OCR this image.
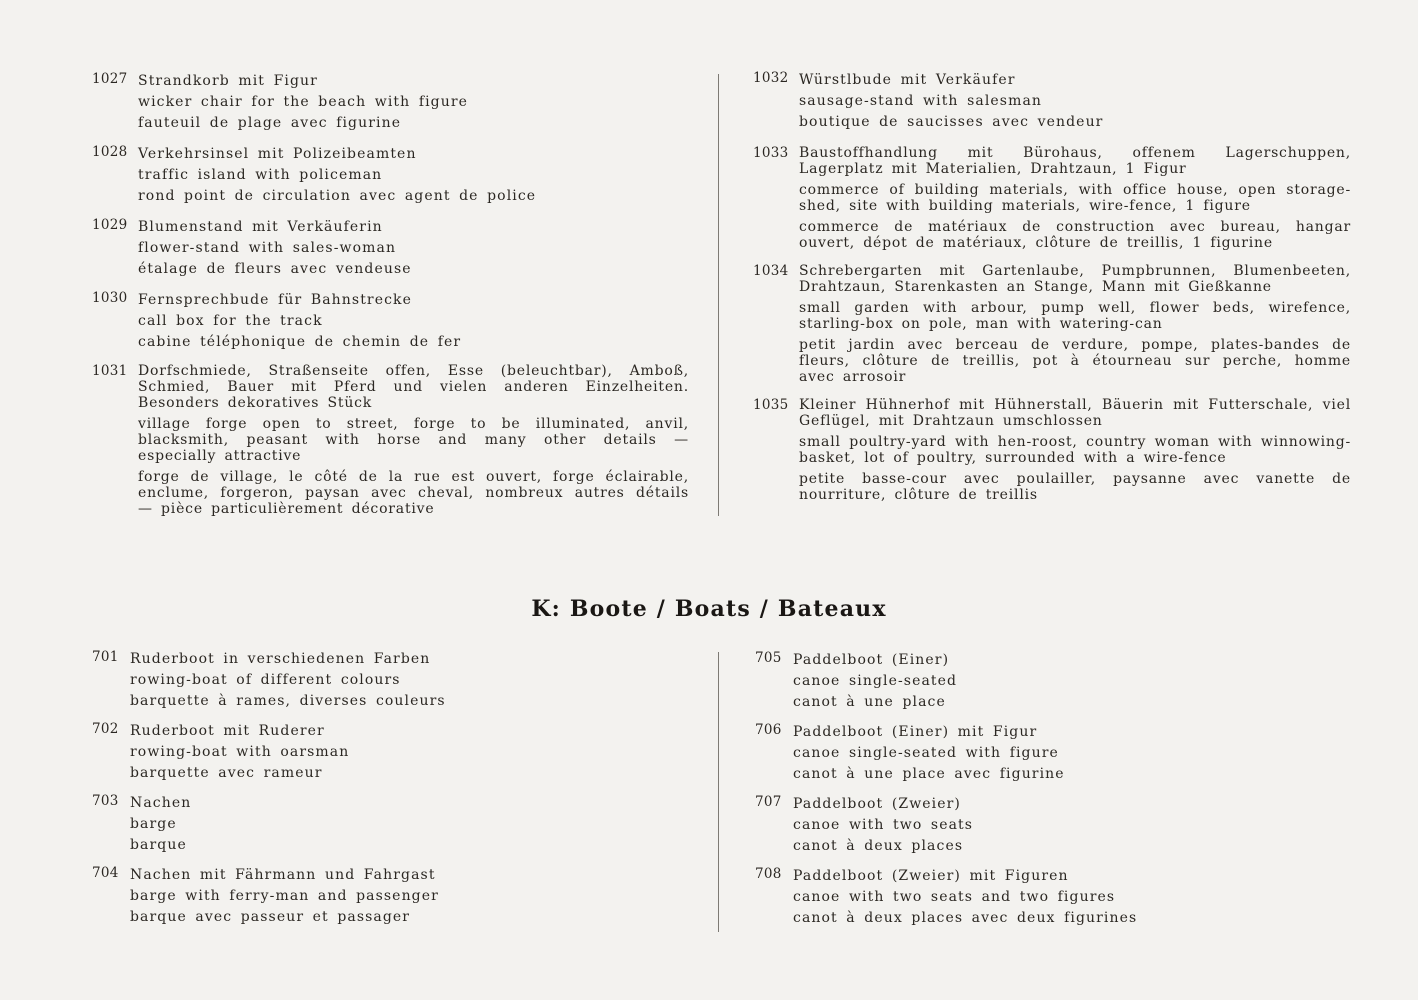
1027 Strandkorb mit Figur
wicker chair for the beach with figure
fauteuil de plage avec figurine
1028 Verkehrsinsel mit Polizeibeamten
traffic island with policeman
rond point de circulation avec agent de police
1029 Blumenstand mit Verkäuferin
flower-stand with sales-woman
étalage de fleurs avec vendeuse
1030 Fernsprechbude für Bahnstrecke
call box for the track
cabine téléphonique de chemin de fer
1031 Dorfschmiede, Straßenseite offen, Esse (beleuchtbar), Amboß, Schmied, Bauer mit Pferd und vielen anderen Einzelheiten. Besonders dekoratives Stück
village forge open to street, forge to be illuminated, anvil, blacksmith, peasant with horse and many other details — especially attractive
forge de village, le côté de la rue est ouvert, forge éclairable, enclume, forgeron, paysan avec cheval, nombreux autres détails — pièce particulièrement décorative
1032 Würstlbude mit Verkäufer
sausage-stand with salesman
boutique de saucisses avec vendeur
1033 Baustoffhandlung mit Bürohaus, offenem Lagerschuppen, Lagerplatz mit Materialien, Drahtzaun, 1 Figur
commerce of building materials, with office house, open storage-shed, site with building materials, wire-fence, 1 figure
commerce de matériaux de construction avec bureau, hangar ouvert, dépot de matériaux, clôture de treillis, 1 figurine
1034 Schrebergarten mit Gartenlaube, Pumpbrunnen, Blumenbeeten, Drahtzaun, Starenkasten an Stange, Mann mit Gießkanne
small garden with arbour, pump well, flower beds, wirefence, starling-box on pole, man with watering-can
petit jardin avec berceau de verdure, pompe, plates-bandes de fleurs, clôture de treillis, pot à étourneau sur perche, homme avec arrosoir
1035 Kleiner Hühnerhof mit Hühnerstall, Bäuerin mit Futterschale, viel Geflügel, mit Drahtzaun umschlossen
small poultry-yard with hen-roost, country woman with winnowing-basket, lot of poultry, surrounded with a wire-fence
petite basse-cour avec poulailler, paysanne avec vanette de nourriture, clôture de treillis
K: Boote / Boats / Bateaux
701 Ruderboot in verschiedenen Farben
rowing-boat of different colours
barquette à rames, diverses couleurs
702 Ruderboot mit Ruderer
rowing-boat with oarsman
barquette avec rameur
703 Nachen
barge
barque
704 Nachen mit Fährmann und Fahrgast
barge with ferry-man and passenger
barque avec passeur et passager
705 Paddelboot (Einer)
canoe single-seated
canot à une place
706 Paddelboot (Einer) mit Figur
canoe single-seated with figure
canot à une place avec figurine
707 Paddelboot (Zweier)
canoe with two seats
canot à deux places
708 Paddelboot (Zweier) mit Figuren
canoe with two seats and two figures
canot à deux places avec deux figurines
